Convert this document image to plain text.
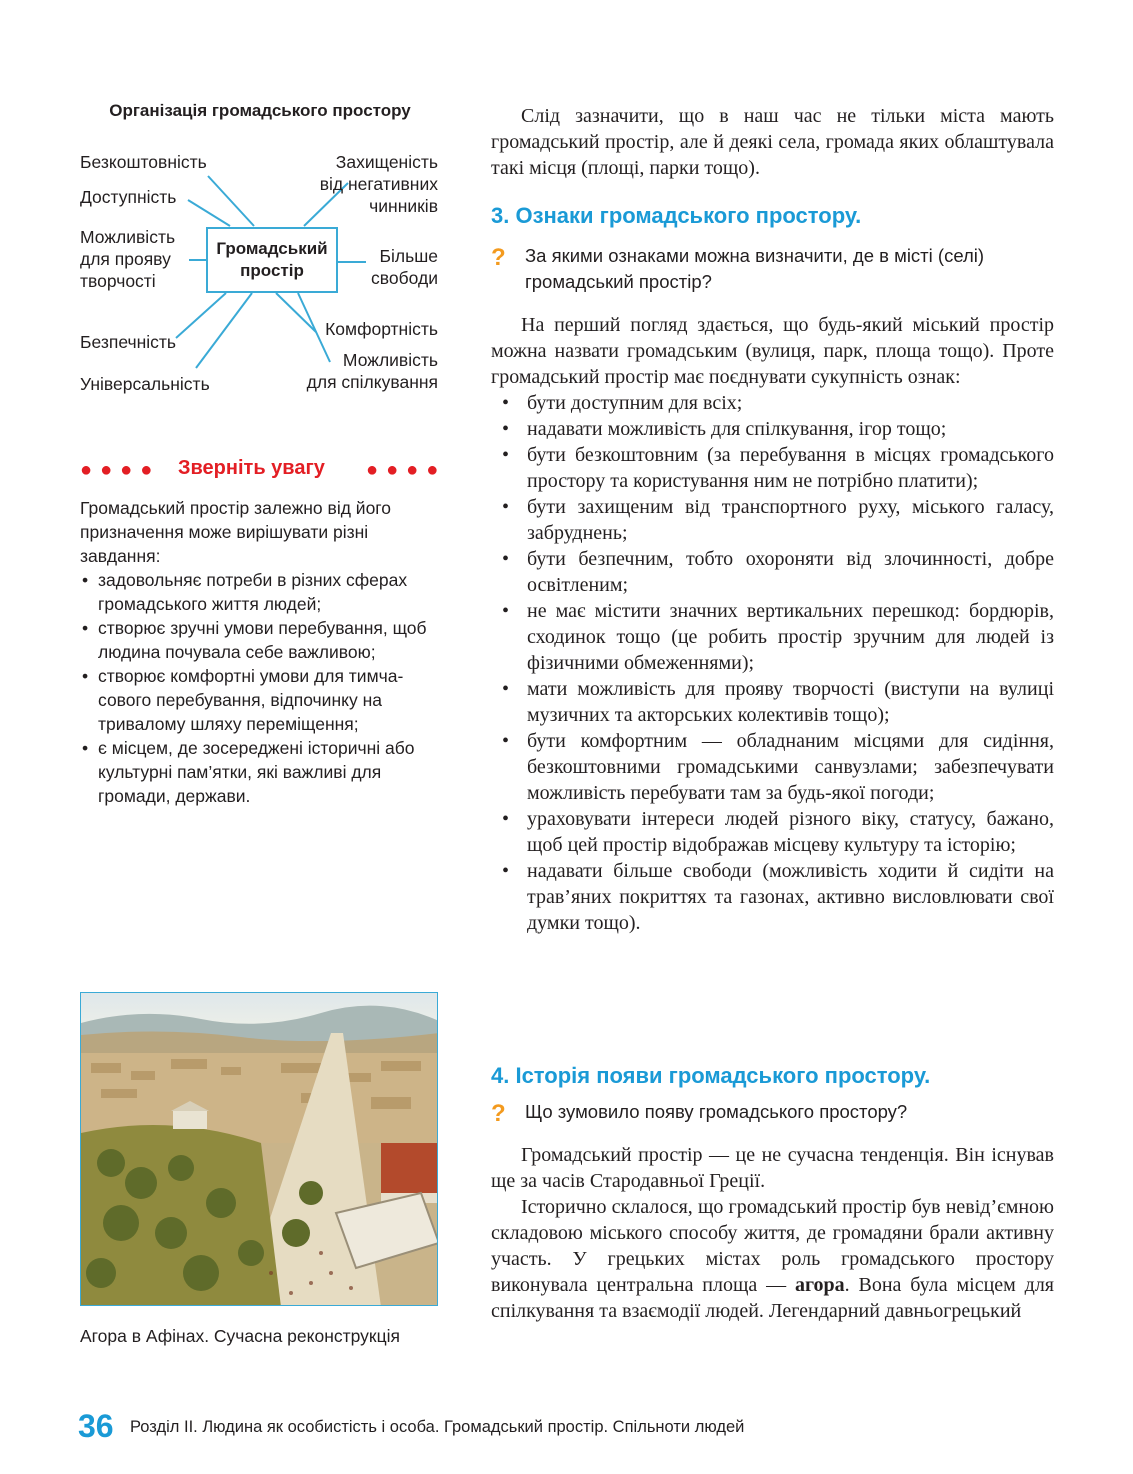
Організація громадського простору
Безкоштовність
Доступність
Можливість
для прояву
творчості
Безпечність
Універсальність
Захищеність
від негативних
чинників
Більше
свободи
Комфортність
Можливість
для спілкування
Громадський
простір
●●●● Зверніть увагу ●●●●

Громадський простір залежно від його призначення може вирішувати різні завдання:

• задовольняє потреби в різних сферах громадського життя людей;
• створює зручні умови перебування, щоб людина почувала себе важливою;
• створює комфортні умови для тимчасового перебування, відпочинку на тривалому шляху переміщення;
• є місцем, де зосереджені історичні або культурні пам’ятки, які важливі для громади, держави.
Агора в Афінах. Сучасна реконструкція

Слід зазначити, що в наш час не тільки міста мають громадський простір, але й деякі села, громада яких облаштувала такі місця (площі, парки тощо).

3. Ознаки громадського простору.
? За якими ознаками можна визначити, де в місті (селі) громадський простір?

На перший погляд здається, що будь-який міський простір можна назвати громадським (вулиця, парк, площа тощо). Проте громадський простір має поєднувати сукупність ознак:

• бути доступним для всіх;
• надавати можливість для спілкування, ігор тощо;
• бути безкоштовним (за перебування в місцях громадського простору та користування ним не потрібно платити);
• бути захищеним від транспортного руху, міського галасу, забруднень;
• бути безпечним, тобто охороняти від злочинності, добре освітленим;
• не має містити значних вертикальних перешкод: бордюрів, сходинок тощо (це робить простір зручним для людей із фізичними обмеженнями);
• мати можливість для прояву творчості (виступи на вулиці музичних та акторських колективів тощо);
• бути комфортним — обладнаним місцями для сидіння, безкоштовними громадськими санвузлами; забезпечувати можливість перебувати там за будь-якої погоди;
• ураховувати інтереси людей різного віку, статусу, бажано, щоб цей простір відображав місцеву культуру та історію;
• надавати більше свободи (можливість ходити й сидіти на трав’яних покриттях та газонах, активно висловлювати свої думки тощо).
4. Історія появи громадського простору.
? Що зумовило появу громадського простору?

Громадський простір — це не сучасна тенденція. Він існував ще за часів Стародавньої Греції.

Історично склалося, що громадський простір був невід’ємною складовою міського способу життя, де громадяни брали активну участь. У грецьких містах роль громадського простору виконувала центральна площа — агора. Вона була місцем для спілкування та взаємодії людей. Легендарний давньогрецький

36 Розділ ІІ. Людина як особистість і особа. Громадський простір. Спільноти людей
